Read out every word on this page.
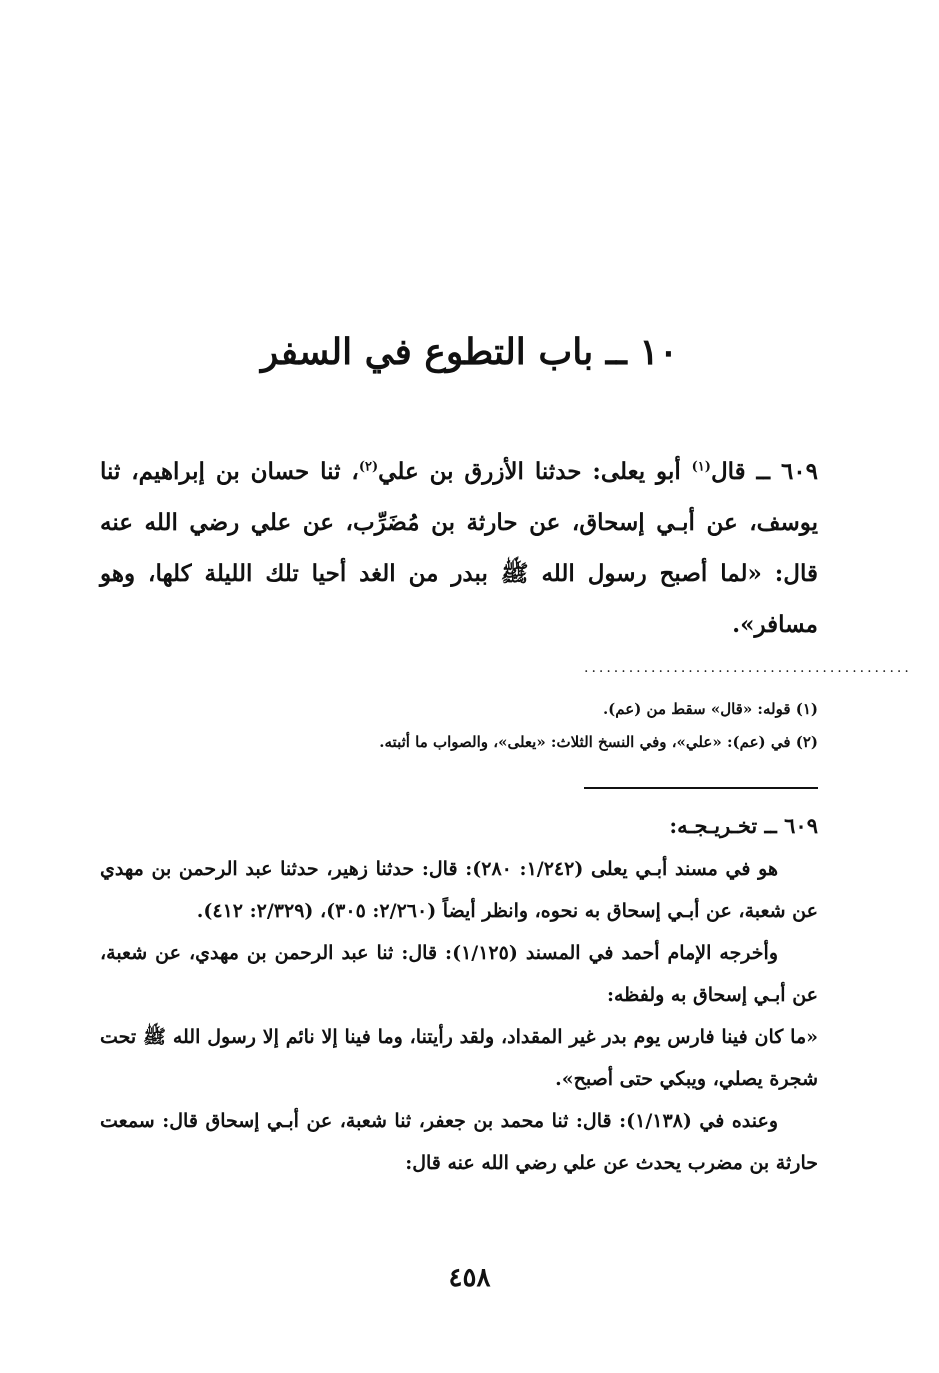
١٠ ــ باب التطوع في السفر
٦٠٩ ــ قال$^{(١)}$ أبو يعلى: حدثنا الأزرق بن علي$^{(٢)}$، ثنا حسان بن إبراهيم، ثنا يوسف، عن أبـي إسحاق، عن حارثة بن مُضَرِّب، عن علي رضي الله عنه قال: «لما أصبح رسول الله ﷺ ببدر من الغد أحيا تلك الليلة كلها، وهو مسافر».
............................................
(١) قوله: «قال» سقط من (عم).
(٢) في (عم): «علي»، وفي النسخ الثلاث: «يعلى»، والصواب ما أثبته.
٦٠٩ ــ تخـريـجـه:

هو في مسند أبـي يعلى (١/٢٤٢: ٢٨٠): قال: حدثنا زهير، حدثنا عبد الرحمن بن مهدي عن شعبة، عن أبـي إسحاق به نحوه، وانظر أيضاً (٢/٢٦٠: ٣٠٥)، (٢/٣٢٩: ٤١٢).

وأخرجه الإمام أحمد في المسند (١/١٢٥): قال: ثنا عبد الرحمن بن مهدي، عن شعبة، عن أبـي إسحاق به ولفظه:

«ما كان فينا فارس يوم بدر غير المقداد، ولقد رأيتنا، وما فينا إلا نائم إلا رسول الله ﷺ تحت شجرة يصلي، ويبكي حتى أصبح».

وعنده في (١/١٣٨): قال: ثنا محمد بن جعفر، ثنا شعبة، عن أبـي إسحاق قال: سمعت حارثة بن مضرب يحدث عن علي رضي الله عنه قال:

٤٥٨
